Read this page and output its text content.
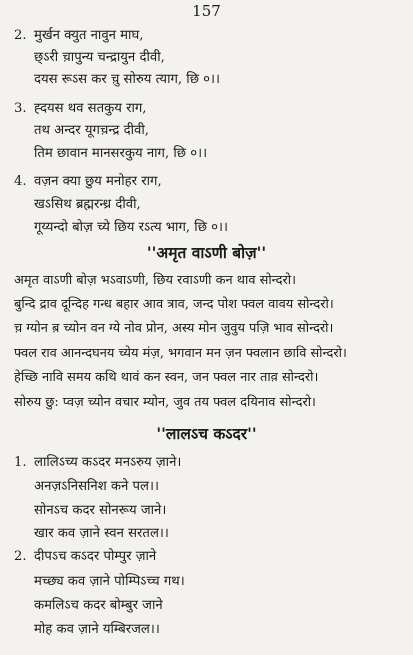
157
2. मुर्खन क्युत नावुन माघ,
छ्ऽरी च़ापुन्य चन्द्रायुन दीवी,
दयस रूऽस कर च़ु सोरुय त्याग, छि ०।।
3. ह्दयस थव सतकुय राग,
तथ अन्दर यूगच़न्द्र दीवी,
तिम छावान मानसरकुय नाग, छि ०।।
4. वज़न क्या छुय मनोहर राग,
खऽसिथ ब्रह्मरन्ध्र दीवी,
गूय्यन्दो बोज़ च्ये छिय रऽत्य भाग, छि ०।।
''अमृत वाऽणी बोज़''
अमृत वाऽणी बोज़ भऽवाऽणी, छिय रवाऽणी कन थाव सोन्दरो।
बुन्दि द्राव दून्दिह गन्ध बहार आव त्राव, जन्द पोश फ्वल वावय सोन्दरो।
च़ ग्योन ब़ च्योन वन ग्ये नोव प्रोन, अस्य मोन जुवुय पज़ि भाव सोन्दरो।
फ्वल राव आनन्दघनय च्येय मंज़, भगवान मन ज़न फ्वलान छावि सोन्दरो।
हेच्छि नावि समय कथि थावं कन स्वन, जन फ्वल नार ताव़ सोन्दरो।
सोरुय छु: प्वज़ च्योन वचार म्योन, जुव तय फ्वल दयिनाव सोन्दरो।
''लालऽच कऽदर''
1. लालिऽच्य कऽदर मनऽरुय ज़ाने।
अनज़ऽनिसनिश कने पल।।
सोनऽच कदर सोनरूय जाने।
खार कव ज़ाने स्वन सरतल।।
2. दीपऽच कऽदर पोम्पुर ज़ाने
मच्छ्य कव ज़ाने पोम्पिऽच्च गथ।
कमलिऽच कदर बोम्बुर जाने
मोह कव ज़ाने यम्बिरजल।।
